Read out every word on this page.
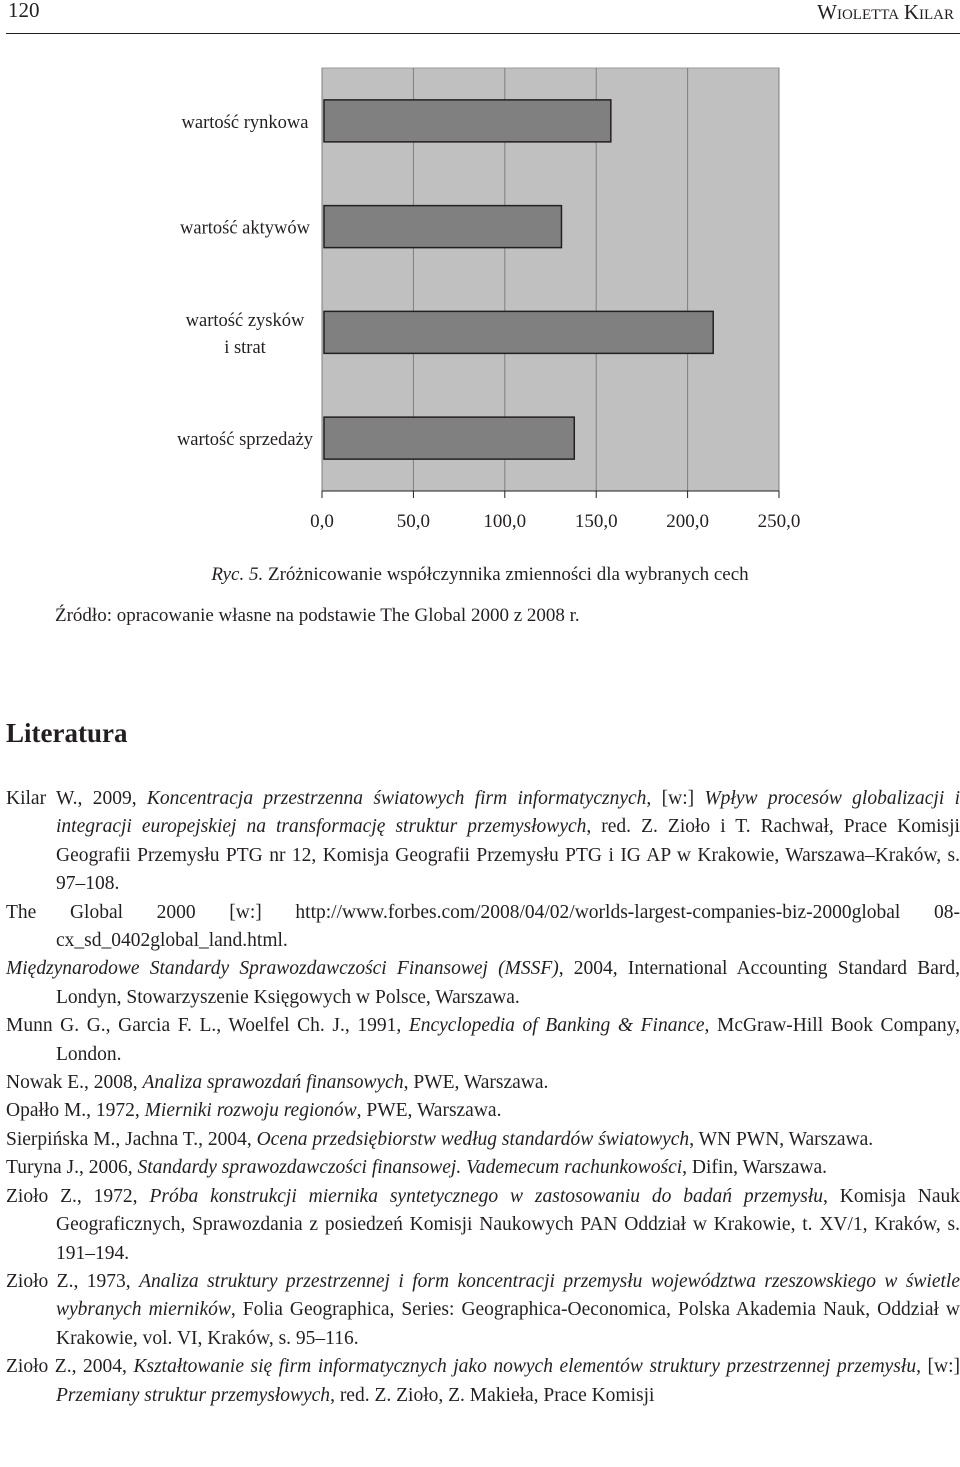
120	WIOLETTA KILAR
0,0	50,0	100,0	150,0	200,0	250,0
wartość rynkowa
wartość aktywów
wartość zysków
i strat
wartość sprzedaży
Ryc. 5. Zróżnicowanie współczynnika zmienności dla wybranych cech
Źródło: opracowanie własne na podstawie The Global 2000 z 2008 r.
Literatura
Kilar W., 2009, Koncentracja przestrzenna światowych firm informatycznych, [w:] Wpływ procesów globalizacji i integracji europejskiej na transformację struktur przemysłowych, red. Z. Zioło i T. Rachwał, Prace Komisji Geografii Przemysłu PTG nr 12, Komisja Geografii Przemysłu PTG i IG AP w Krakowie, Warszawa–Kraków, s. 97–108.
The Global 2000 [w:] http://www.forbes.com/2008/04/02/worlds-largest-companies-biz-2000global 08-cx_sd_0402global_land.html.
Międzynarodowe Standardy Sprawozdawczości Finansowej (MSSF), 2004, International Accounting Standard Bard, Londyn, Stowarzyszenie Księgowych w Polsce, Warszawa.
Munn G. G., Garcia F. L., Woelfel Ch. J., 1991, Encyclopedia of Banking & Finance, McGraw-Hill Book Company, London.
Nowak E., 2008, Analiza sprawozdań finansowych, PWE, Warszawa.
Opałło M., 1972, Mierniki rozwoju regionów, PWE, Warszawa.
Sierpińska M., Jachna T., 2004, Ocena przedsiębiorstw według standardów światowych, WN PWN, Warszawa.
Turyna J., 2006, Standardy sprawozdawczości finansowej. Vademecum rachunkowości, Difin, Warszawa.
Zioło Z., 1972, Próba konstrukcji miernika syntetycznego w zastosowaniu do badań przemysłu, Komisja Nauk Geograficznych, Sprawozdania z posiedzeń Komisji Naukowych PAN Oddział w Krakowie, t. XV/1, Kraków, s. 191–194.
Zioło Z., 1973, Analiza struktury przestrzennej i form koncentracji przemysłu województwa rzeszowskiego w świetle wybranych mierników, Folia Geographica, Series: Geographica-Oeconomica, Polska Akademia Nauk, Oddział w Krakowie, vol. VI, Kraków, s. 95–116.
Zioło Z., 2004, Kształtowanie się firm informatycznych jako nowych elementów struktury przestrzennej przemysłu, [w:] Przemiany struktur przemysłowych, red. Z. Zioło, Z. Makieła, Prace Komisji
